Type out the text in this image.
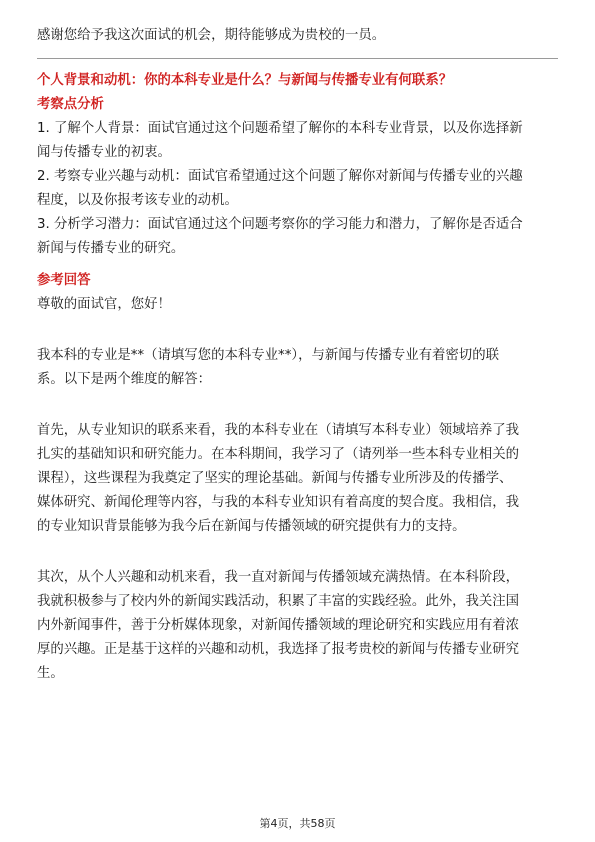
感谢您给予我这次面试的机会，期待能够成为贵校的一员。
个人背景和动机：你的本科专业是什么？与新闻与传播专业有何联系？
考察点分析
1. 了解个人背景：面试官通过这个问题希望了解你的本科专业背景，以及你选择新
闻与传播专业的初衷。
2. 考察专业兴趣与动机：面试官希望通过这个问题了解你对新闻与传播专业的兴趣
程度，以及你报考该专业的动机。
3. 分析学习潜力：面试官通过这个问题考察你的学习能力和潜力，了解你是否适合
新闻与传播专业的研究。
参考回答
尊敬的面试官，您好！
我本科的专业是**（请填写您的本科专业**），与新闻与传播专业有着密切的联
系。以下是两个维度的解答：
首先，从专业知识的联系来看，我的本科专业在（请填写本科专业）领域培养了我
扎实的基础知识和研究能力。在本科期间，我学习了（请列举一些本科专业相关的
课程），这些课程为我奠定了坚实的理论基础。新闻与传播专业所涉及的传播学、
媒体研究、新闻伦理等内容，与我的本科专业知识有着高度的契合度。我相信，我
的专业知识背景能够为我今后在新闻与传播领域的研究提供有力的支持。
其次，从个人兴趣和动机来看，我一直对新闻与传播领域充满热情。在本科阶段，
我就积极参与了校内外的新闻实践活动，积累了丰富的实践经验。此外，我关注国
内外新闻事件，善于分析媒体现象，对新闻传播领域的理论研究和实践应用有着浓
厚的兴趣。正是基于这样的兴趣和动机，我选择了报考贵校的新闻与传播专业研究
生。
第4页，共58页
